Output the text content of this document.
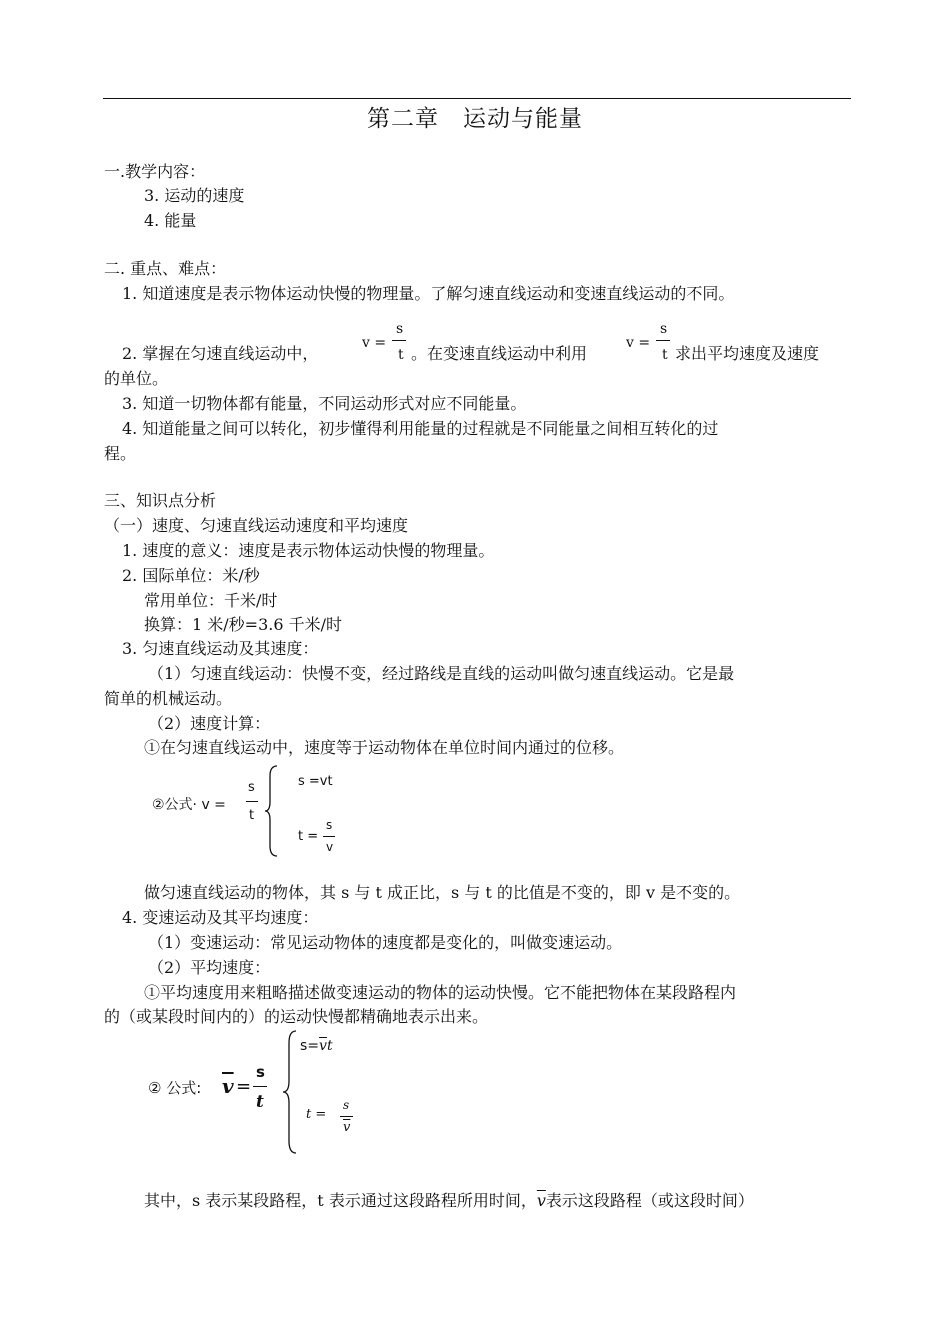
第二章　运动与能量
一.教学内容：
3. 运动的速度
4. 能量
二. 重点、难点：
1. 知道速度是表示物体运动快慢的物理量。了解匀速直线运动和变速直线运动的不同。
2. 掌握在匀速直线运动中，
v =
s
t 。在变速直线运动中利用
v =
s
t 求出平均速度及速度
的单位。
3. 知道一切物体都有能量，不同运动形式对应不同能量。
4. 知道能量之间可以转化，初步懂得利用能量的过程就是不同能量之间相互转化的过
程。
三、知识点分析
（一）速度、匀速直线运动速度和平均速度
1. 速度的意义：速度是表示物体运动快慢的物理量。
2. 国际单位：米/秒
常用单位：千米/时
换算：1 米/秒=3.6 千米/时
3. 匀速直线运动及其速度：
（1）匀速直线运动：快慢不变，经过路线是直线的运动叫做匀速直线运动。它是最
简单的机械运动。
（2）速度计算：
①在匀速直线运动中，速度等于运动物体在单位时间内通过的位移。
②公式· v =
s
t
s =vt
t =
s
v
做匀速直线运动的物体，其 s 与 t 成正比，s 与 t 的比值是不变的，即 v 是不变的。
4. 变速运动及其平均速度：
（1）变速运动：常见运动物体的速度都是变化的，叫做变速运动。
（2）平均速度：
①平均速度用来粗略描述做变速运动的物体的运动快慢。它不能把物体在某段路程内
的（或某段时间内的）的运动快慢都精确地表示出来。
② 公式: $\overline{v}$ =
s
t
$s=\overline{v}t$
t =
s
$\overline{v}$
其中，s 表示某段路程，t 表示通过这段路程所用时间，$\overline{v}$表示这段路程（或这段时间）
